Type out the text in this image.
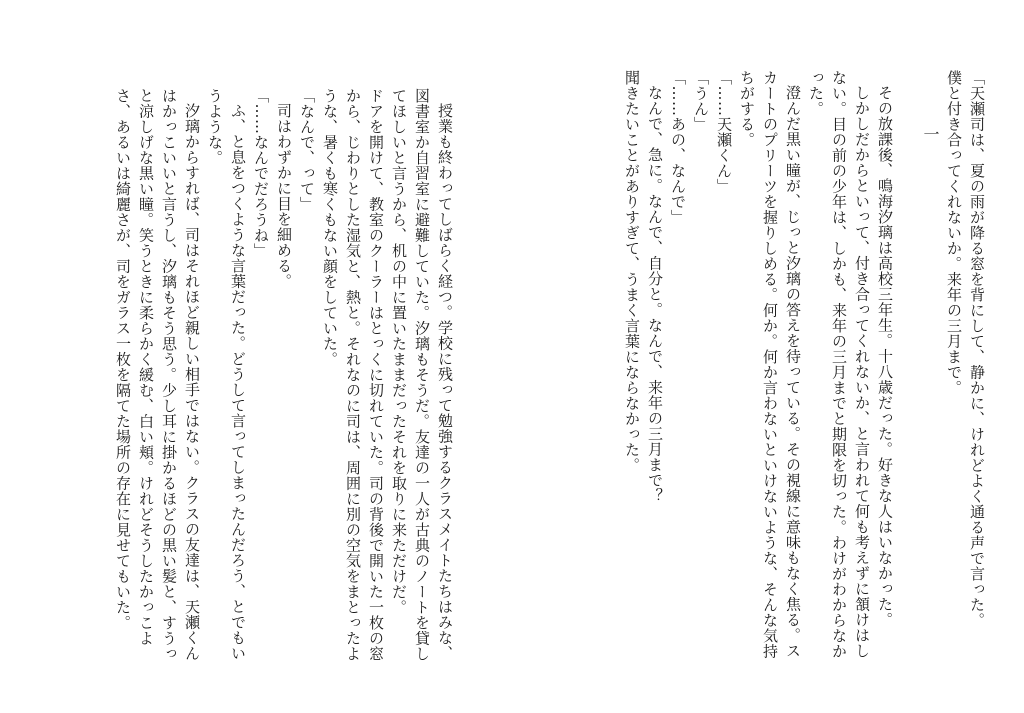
「天瀬司は、夏の雨が降る窓を背にして、静かに、けれどよく通る声で言った。

僕と付き合ってくれないか。来年の三月まで。

一

その放課後、鳴海汐璃は高校三年生。十八歳だった。好きな人はいなかった。

しかしだからといって、付き合ってくれないか、と言われて何も考えずに頷けはしない。目の前の少年は、しかも、来年の三月までと期限を切った。わけがわからなかった。

澄んだ黒い瞳が、じっと汐璃の答えを待っている。その視線に意味もなく焦る。スカートのプリーツを握りしめる。何か。何か言わないといけないような、そんな気持ちがする。

「……天瀬くん」

「うん」

「……あの、なんで」

なんで、急に。なんで、自分と。なんで、来年の三月まで？

聞きたいことがありすぎて、うまく言葉にならなかった。

授業も終わってしばらく経つ。学校に残って勉強するクラスメイトたちはみな、図書室か自習室に避難していた。汐璃もそうだ。友達の一人が古典のノートを貸してほしいと言うから、机の中に置いたままだったそれを取りに来ただけだ。

ドアを開けて、教室のクーラーはとっくに切れていた。司の背後で開いた一枚の窓から、じわりとした湿気と、熱と。それなのに司は、周囲に別の空気をまとったような、暑くも寒くもない顔をしていた。

「なんで、って」

司はわずかに目を細める。

「……なんでだろうね」

ふ、と息をつくような言葉だった。どうして言ってしまったんだろう、とでもいうような。

汐璃からすれば、司はそれほど親しい相手ではない。クラスの友達は、天瀬くんはかっこいいと言うし、汐璃もそう思う。少し耳に掛かるほどの黒い髪と、すうっと涼しげな黒い瞳。笑うときに柔らかく緩む、白い頬。けれどそうしたかっこよさ、あるいは綺麗さが、司をガラス一枚を隔てた場所の存在に見せてもいた。
